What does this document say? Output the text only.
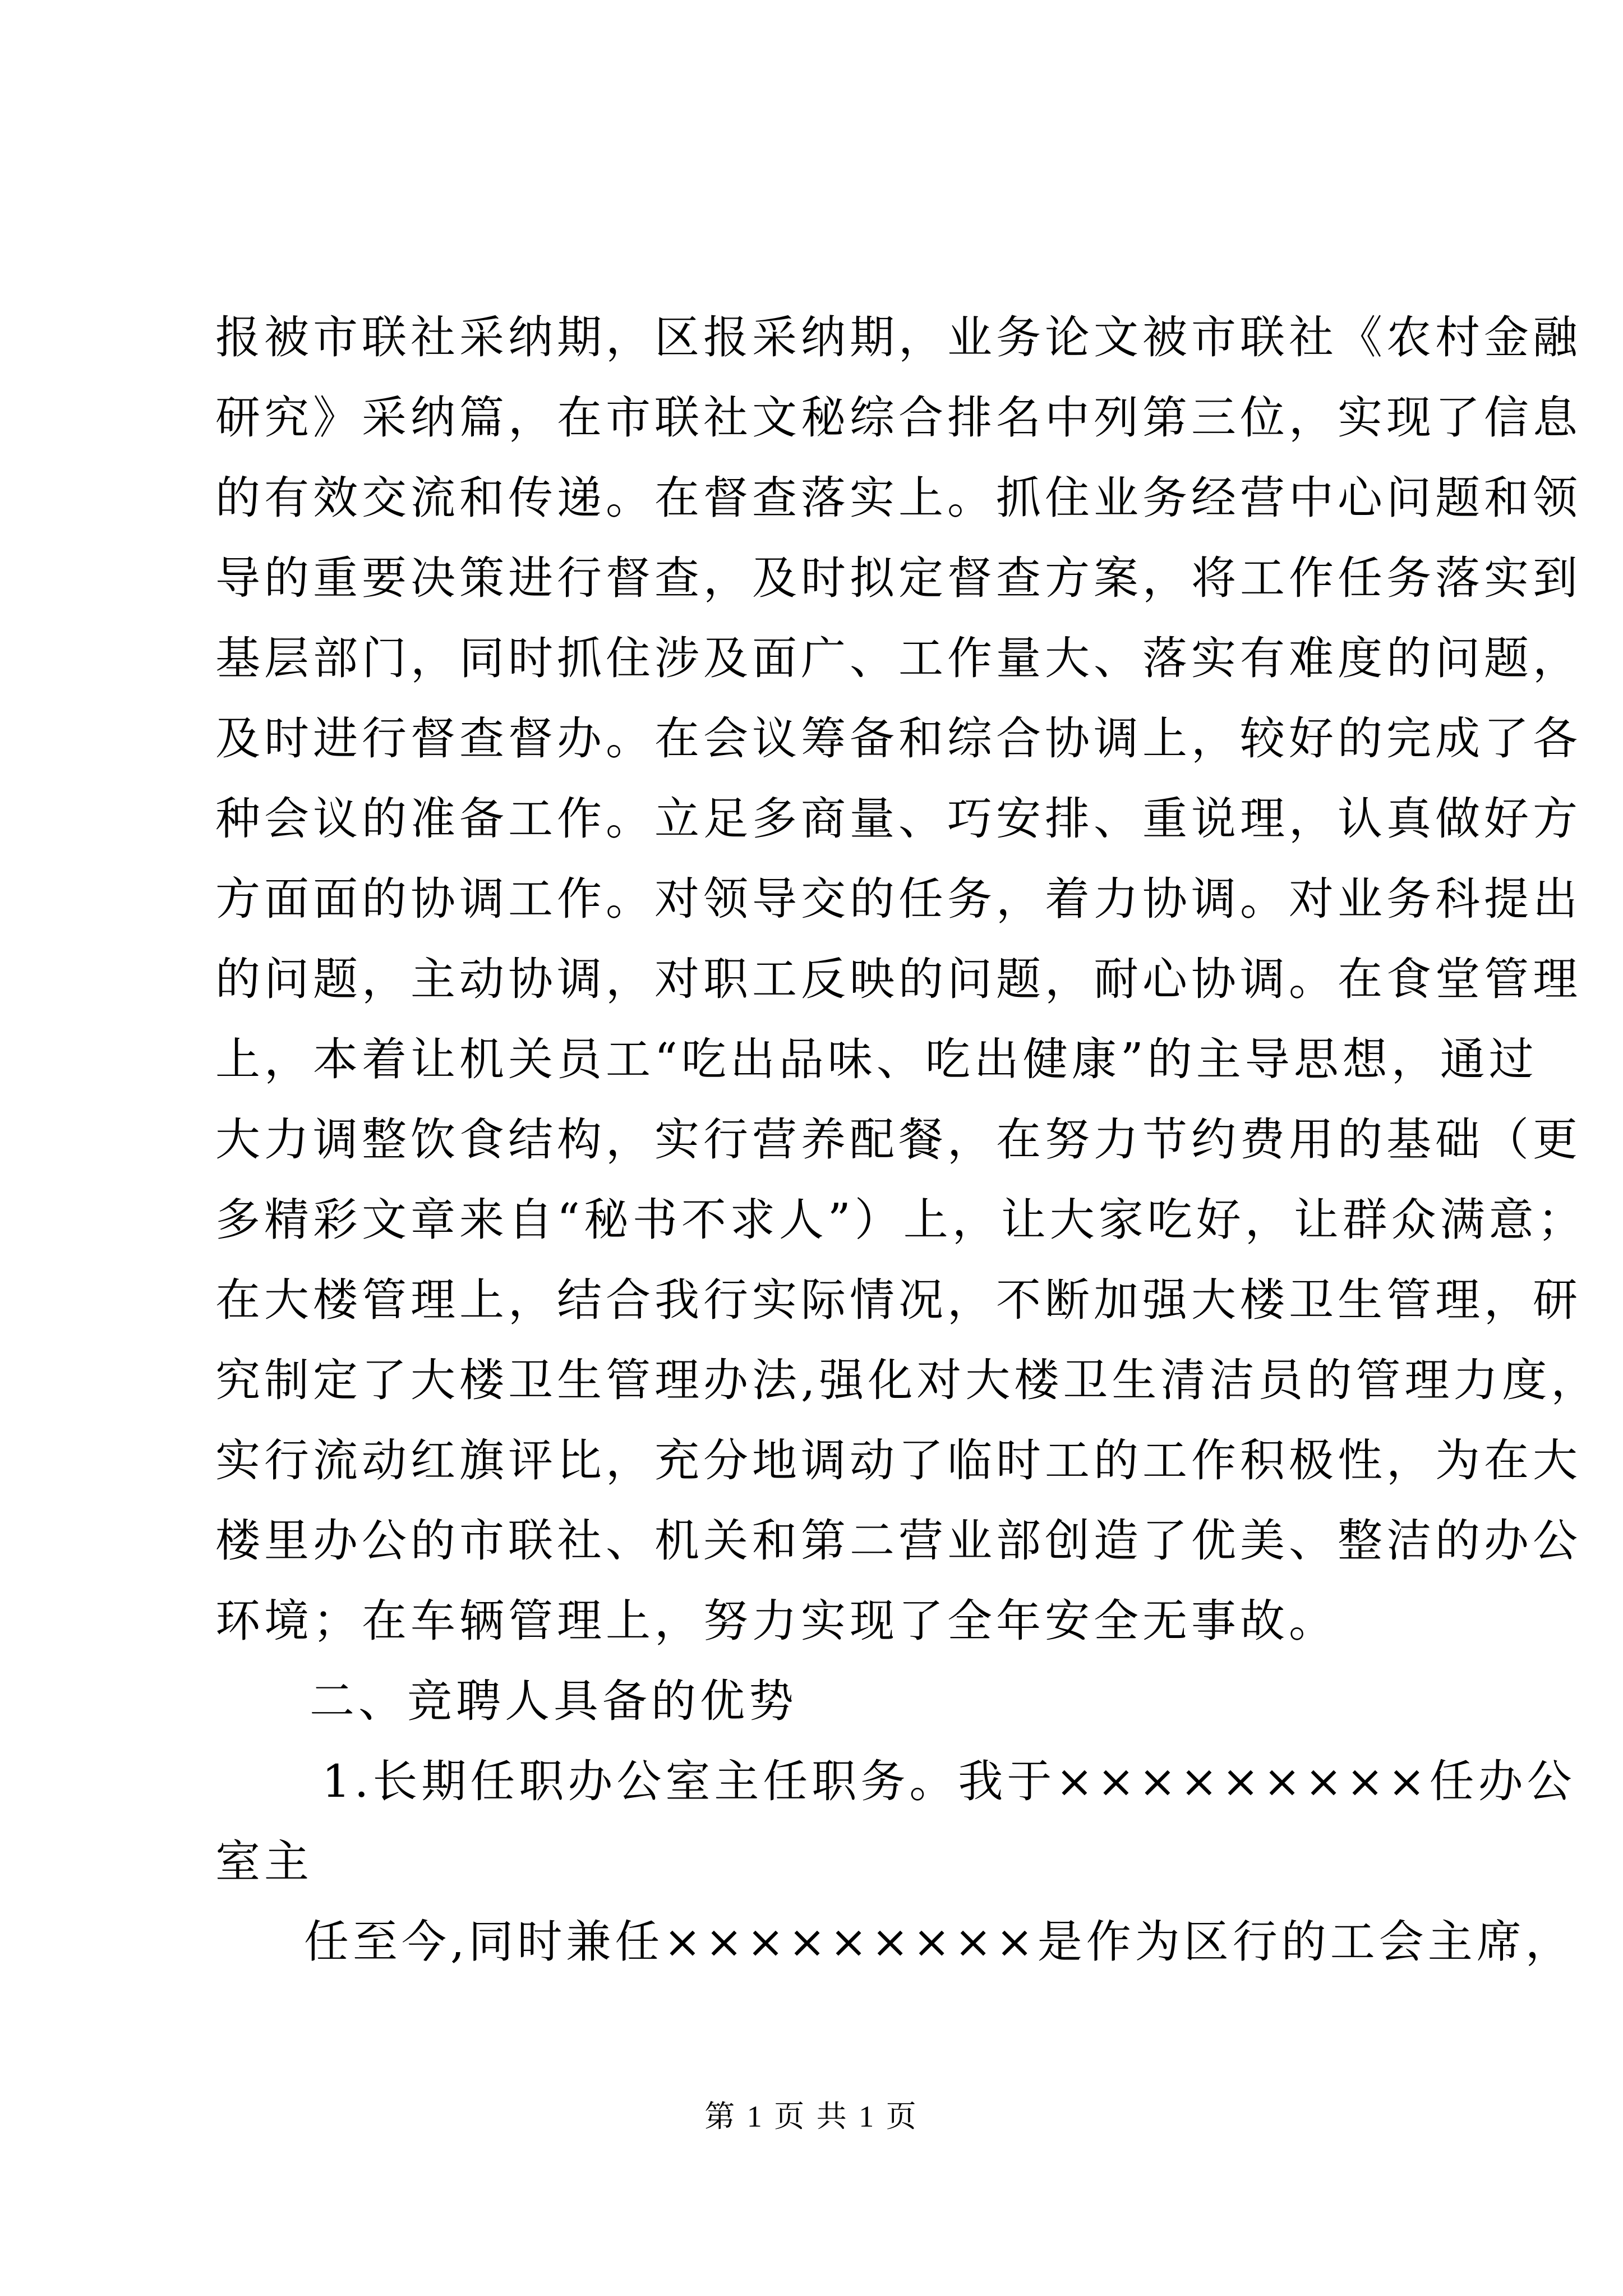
报被市联社采纳期，区报采纳期，业务论文被市联社《农村金融
研究》采纳篇，在市联社文秘综合排名中列第三位，实现了信息
的有效交流和传递。在督查落实上。抓住业务经营中心问题和领
导的重要决策进行督查，及时拟定督查方案，将工作任务落实到
基层部门，同时抓住涉及面广、工作量大、落实有难度的问题，
及时进行督查督办。在会议筹备和综合协调上，较好的完成了各
种会议的准备工作。立足多商量、巧安排、重说理，认真做好方
方面面的协调工作。对领导交的任务，着力协调。对业务科提出
的问题，主动协调，对职工反映的问题，耐心协调。在食堂管理
上，本着让机关员工“吃出品味、吃出健康”的主导思想，通过
大力调整饮食结构，实行营养配餐，在努力节约费用的基础（更
多精彩文章来自“秘书不求人”）上，让大家吃好，让群众满意；
在大楼管理上，结合我行实际情况，不断加强大楼卫生管理，研
究制定了大楼卫生管理办法,强化对大楼卫生清洁员的管理力度，
实行流动红旗评比，充分地调动了临时工的工作积极性，为在大
楼里办公的市联社、机关和第二营业部创造了优美、整洁的办公
环境；在车辆管理上，努力实现了全年安全无事故。
二、竞聘人具备的优势
1.长期任职办公室主任职务。我于×××××××××任办公
室主
任至今,同时兼任×××××××××是作为区行的工会主席，
第 1 页 共 1 页
